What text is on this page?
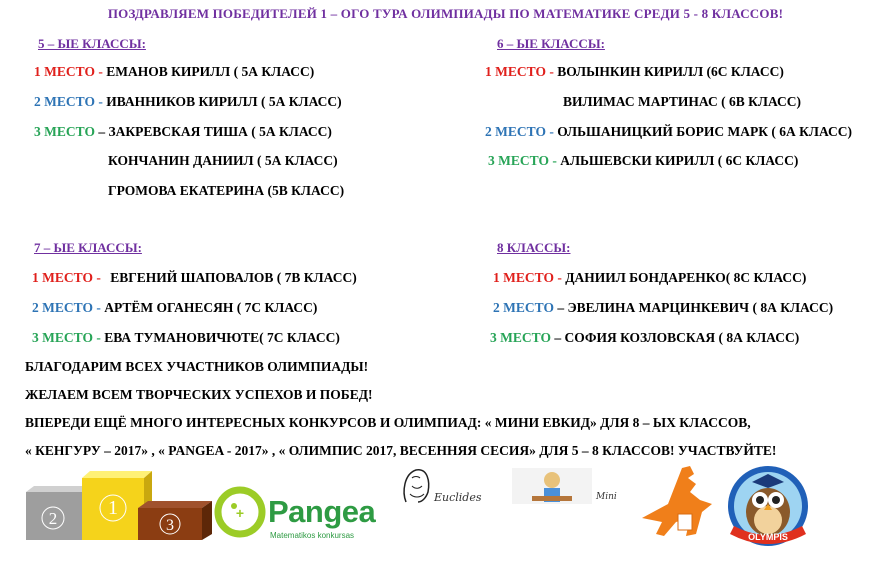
ПОЗДРАВЛЯЕМ ПОБЕДИТЕЛЕЙ 1 – ОГО ТУРА ОЛИМПИАДЫ ПО МАТЕМАТИКЕ СРЕДИ 5 - 8 КЛАССОВ!
5 – ЫЕ КЛАССЫ:
1 МЕСТО - ЕМАНОВ КИРИЛЛ ( 5А КЛАСС)
2 МЕСТО - ИВАННИКОВ КИРИЛЛ ( 5А КЛАСС)
3 МЕСТО – ЗАКРЕВСКАЯ ТИША ( 5А КЛАСС)
КОНЧАНИН ДАНИИЛ ( 5А КЛАСС)
ГРОМОВА ЕКАТЕРИНА (5В КЛАСС)
6 – ЫЕ КЛАССЫ:
1 МЕСТО - ВОЛЫНКИН КИРИЛЛ (6С КЛАСС)
ВИЛИМАС МАРТИНАС ( 6В КЛАСС)
2 МЕСТО - ОЛЬШАНИЦКИЙ БОРИС МАРК ( 6А КЛАСС)
3 МЕСТО - АЛЬШЕВСКИ КИРИЛЛ ( 6С КЛАСС)
7 – ЫЕ КЛАССЫ:
1 МЕСТО - ЕВГЕНИЙ ШАПОВАЛОВ ( 7В КЛАСС)
2 МЕСТО - АРТЁМ ОГАНЕСЯН ( 7С КЛАСС)
3 МЕСТО - ЕВА ТУМАНОВИЧЮТЕ( 7С КЛАСС)
8 КЛАССЫ:
1 МЕСТО - ДАНИИЛ БОНДАРЕНКО( 8С КЛАСС)
2 МЕСТО – ЭВЕЛИНА МАРЦИНКЕВИЧ ( 8А КЛАСС)
3 МЕСТО – СОФИЯ КОЗЛОВСКАЯ ( 8А КЛАСС)
БЛАГОДАРИМ ВСЕХ УЧАСТНИКОВ ОЛИМПИАДЫ!
ЖЕЛАЕМ ВСЕМ ТВОРЧЕСКИХ УСПЕХОВ И ПОБЕД!
ВПЕРЕДИ ЕЩЁ МНОГО ИНТЕРЕСНЫХ КОНКУРСОВ И ОЛИМПИАД: « МИНИ ЕВКИД» ДЛЯ 8 – ЫХ КЛАССОВ,
« КЕНГУРУ – 2017» , « PANGEA - 2017» , « ОЛИМПИС 2017, ВЕСЕННЯЯ СЕСИЯ» ДЛЯ 5 – 8 КЛАССОВ! УЧАСТВУЙТЕ!
2	1
3
+ Pangea
Matematikos konkursas
Euclides	Mini
OLYMPIS
